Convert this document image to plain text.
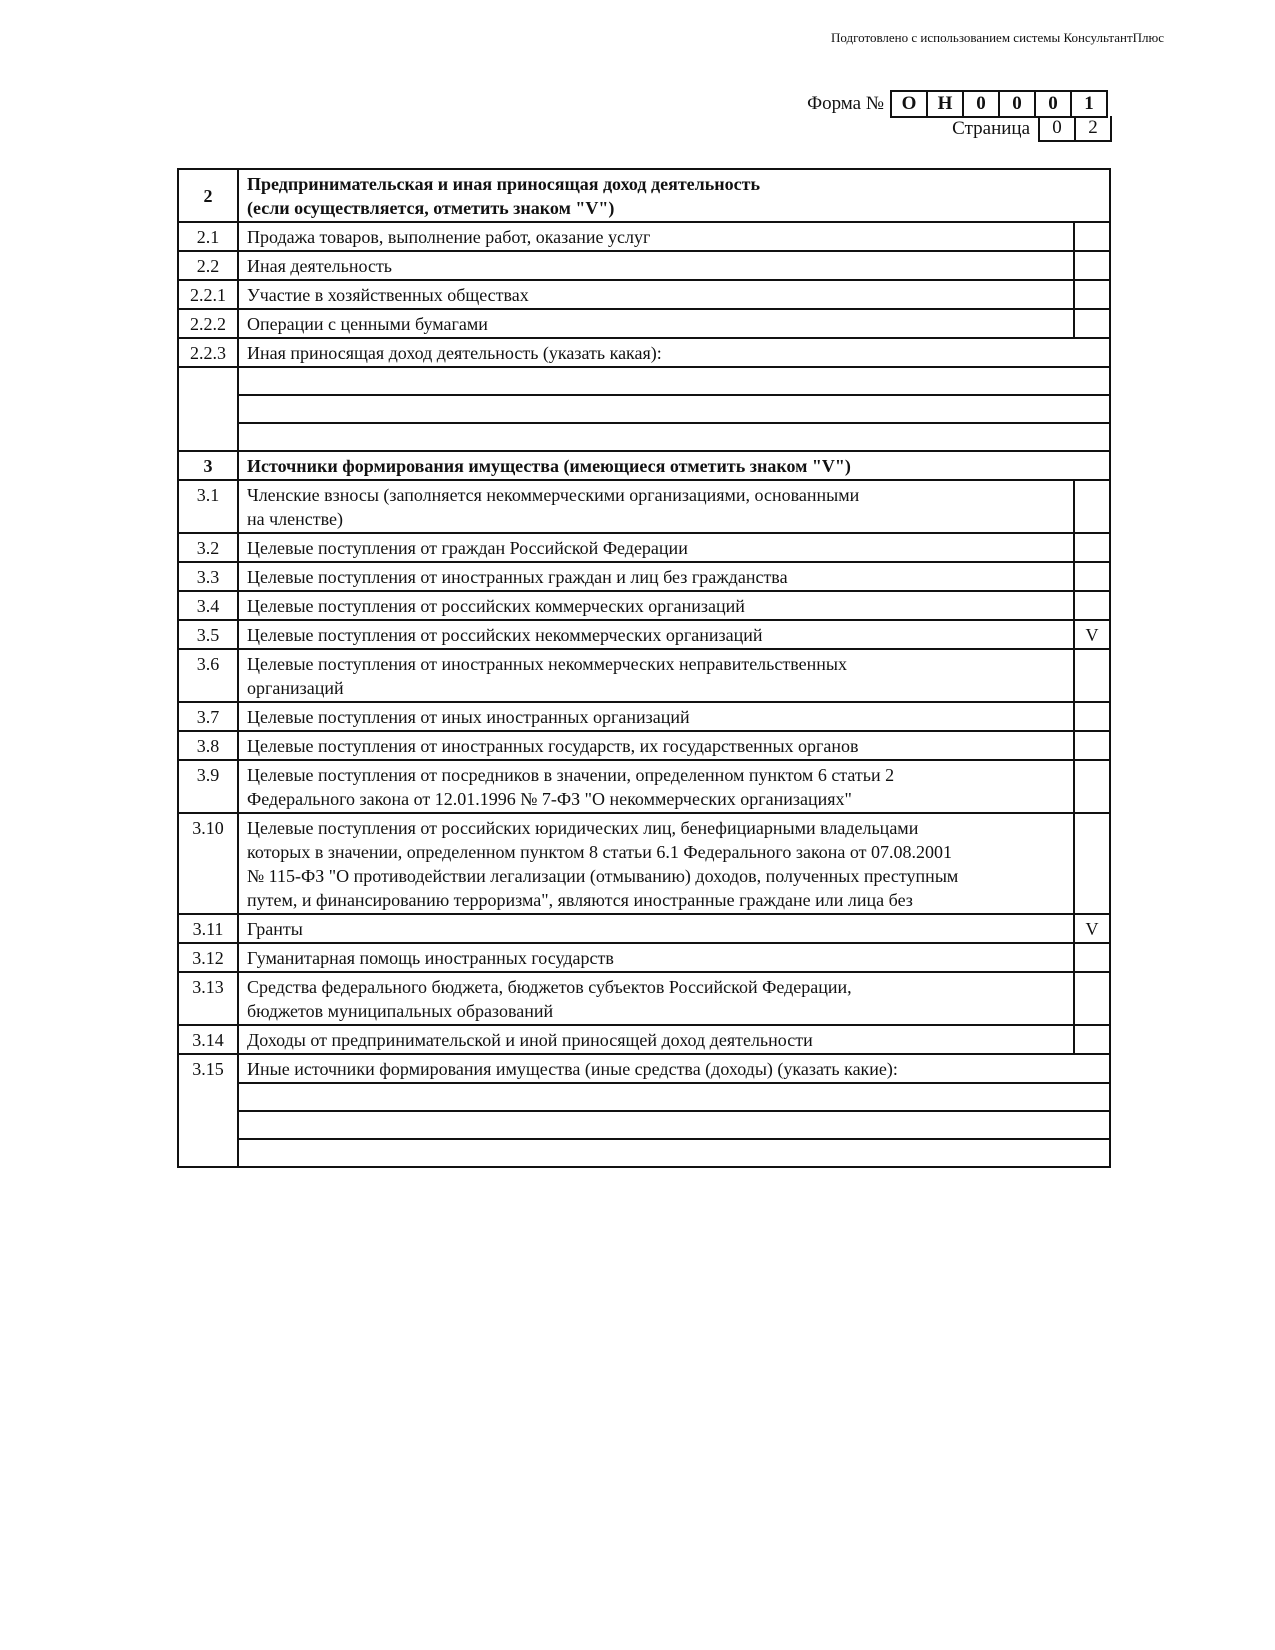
Подготовлено с использованием системы КонсультантПлюс
Форма № О	Н	0	0	0	1
Страница	0	2
2	Предпринимательская и иная приносящая доход деятельность
(если осуществляется, отметить знаком "V")	

2.1	Продажа товаров, выполнение работ, оказание услуг	
2.2	Иная деятельность	
2.2.1	Участие в хозяйственных обществах	
2.2.2	Операции с ценными бумагами	
2.2.3	Иная приносящая доход деятельность (указать какая):	

3	Источники формирования имущества (имеющиеся отметить знаком "V")	
3.1	Членские взносы (заполняется некоммерческими организациями, основанными
на членстве)	

3.2	Целевые поступления от граждан Российской Федерации	
3.3	Целевые поступления от иностранных граждан и лиц без гражданства	
3.4	Целевые поступления от российских коммерческих организаций	
3.5	Целевые поступления от российских некоммерческих организаций	V
3.6	Целевые поступления от иностранных некоммерческих неправительственных
организаций	

3.7	Целевые поступления от иных иностранных организаций	
3.8	Целевые поступления от иностранных государств, их государственных органов	
3.9	Целевые поступления от посредников в значении, определенном пунктом 6 статьи 2
Федерального закона от 12.01.1996 № 7-ФЗ "О некоммерческих организациях"	

3.10	Целевые поступления от российских юридических лиц, бенефициарными владельцами
которых в значении, определенном пунктом 8 статьи 6.1 Федерального закона от 07.08.2001
№ 115-ФЗ "О противодействии легализации (отмыванию) доходов, полученных преступным
путем, и финансированию терроризма", являются иностранные граждане или лица без	

3.11	Гранты	V
3.12	Гуманитарная помощь иностранных государств	
3.13	Средства федерального бюджета, бюджетов субъектов Российской Федерации,
бюджетов муниципальных образований	

3.14	Доходы от предпринимательской и иной приносящей доход деятельности	
3.15	Иные источники формирования имущества (иные средства (доходы) (указать какие):	
